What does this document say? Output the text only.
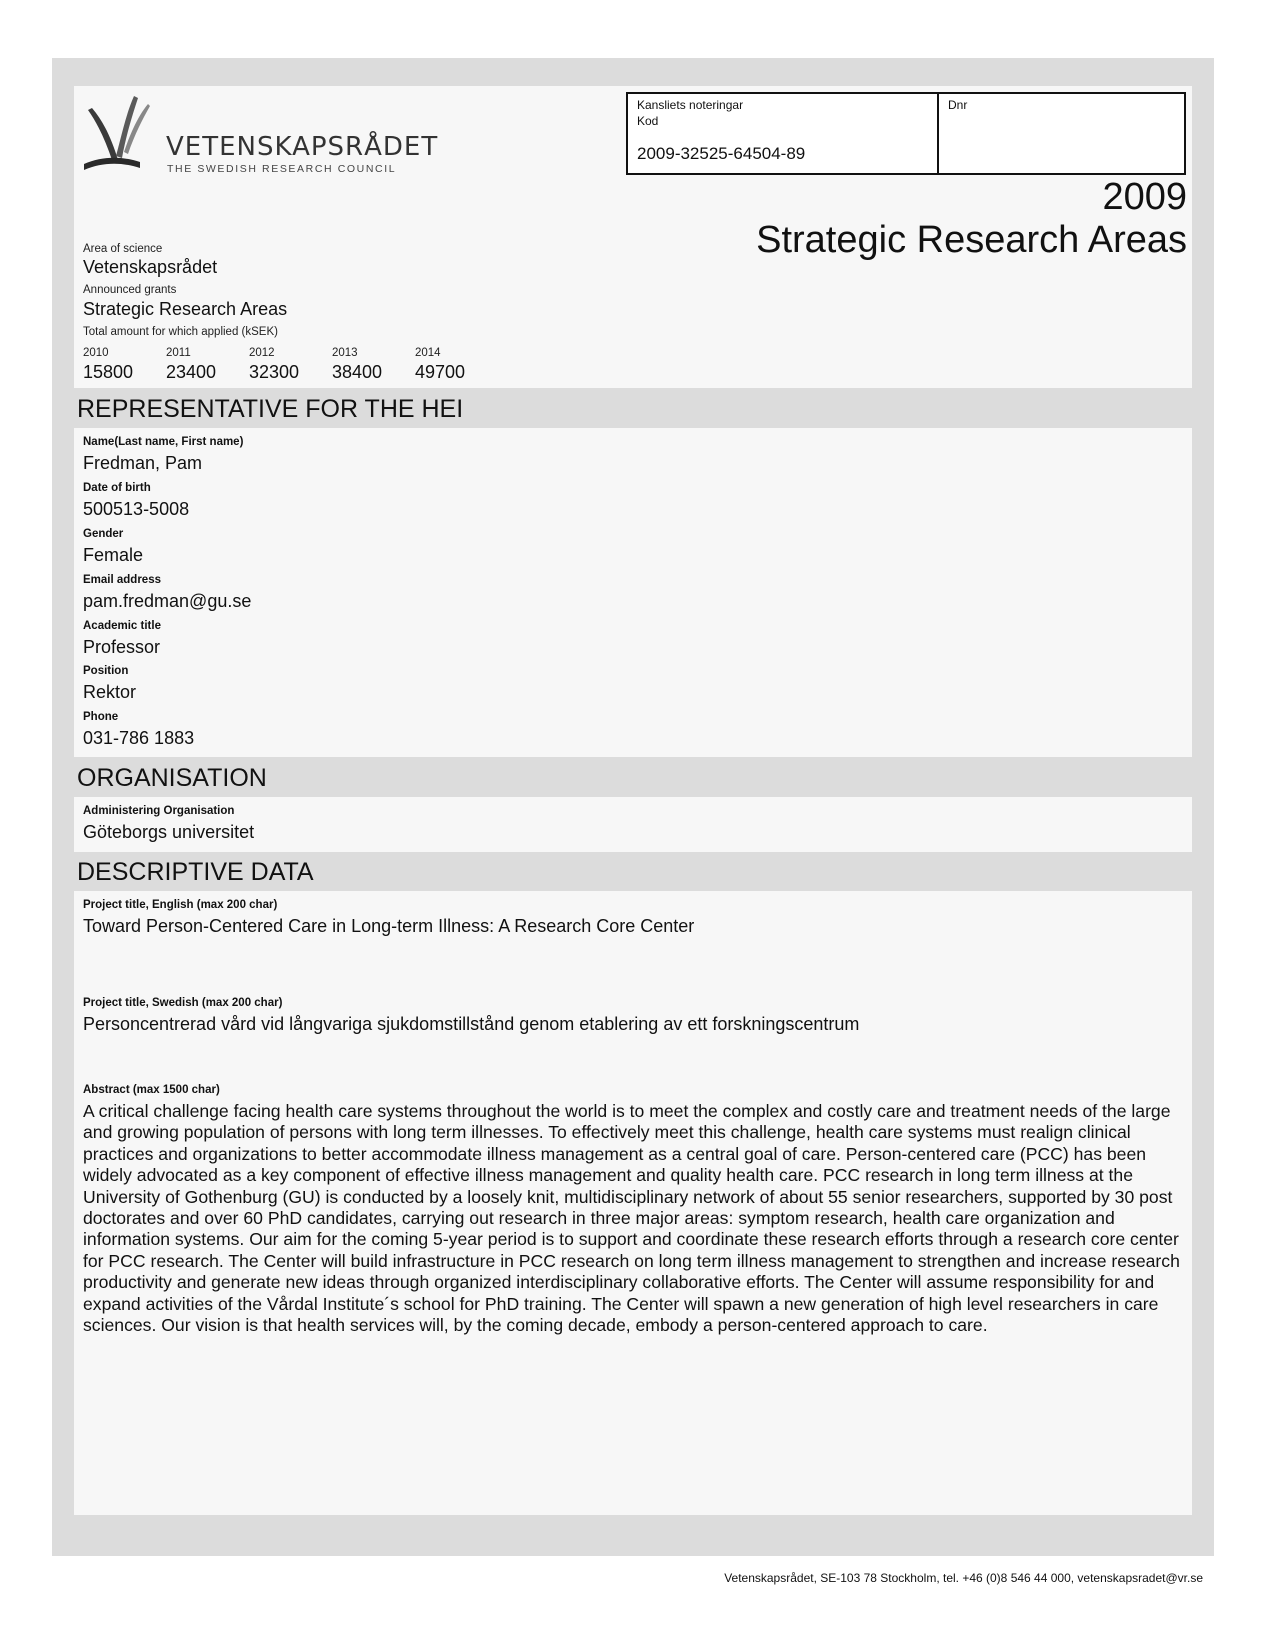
VETENSKAPSRÅDET
THE SWEDISH RESEARCH COUNCIL
Kansliets noteringar
Kod
2009-32525-64504-89
Dnr
2009
Strategic Research Areas
Area of science
Vetenskapsrådet
Announced grants
Strategic Research Areas
Total amount for which applied (kSEK)
2010
15800
2011
23400
2012
32300
2013
38400
2014
49700
REPRESENTATIVE FOR THE HEI
Name(Last name, First name)
Fredman, Pam
Date of birth
500513-5008
Gender
Female
Email address
pam.fredman@gu.se
Academic title
Professor
Position
Rektor
Phone
031-786 1883
ORGANISATION
Administering Organisation
Göteborgs universitet
DESCRIPTIVE DATA
Project title, English (max 200 char)
Toward Person-Centered Care in Long-term Illness: A Research Core Center
Project title, Swedish (max 200 char)
Personcentrerad vård vid långvariga sjukdomstillstånd genom etablering av ett forskningscentrum
Abstract (max 1500 char)
A critical challenge facing health care systems throughout the world is to meet the complex and costly care and treatment needs of the large and growing population of persons with long term illnesses. To effectively meet this challenge, health care systems must realign clinical practices and organizations to better accommodate illness management as a central goal of care. Person-centered care (PCC) has been widely advocated as a key component of effective illness management and quality health care. PCC research in long term illness at the University of Gothenburg (GU) is conducted by a loosely knit, multidisciplinary network of about 55 senior researchers, supported by 30 post doctorates and over 60 PhD candidates, carrying out research in three major areas: symptom research, health care organization and information systems. Our aim for the coming 5-year period is to support and coordinate these research efforts through a research core center for PCC research. The Center will build infrastructure in PCC research on long term illness management to strengthen and increase research productivity and generate new ideas through organized interdisciplinary collaborative efforts. The Center will assume responsibility for and expand activities of the Vårdal Institute´s school for PhD training. The Center will spawn a new generation of high level researchers in care sciences. Our vision is that health services will, by the coming decade, embody a person-centered approach to care.
Vetenskapsrådet, SE-103 78 Stockholm, tel. +46 (0)8 546 44 000, vetenskapsradet@vr.se
